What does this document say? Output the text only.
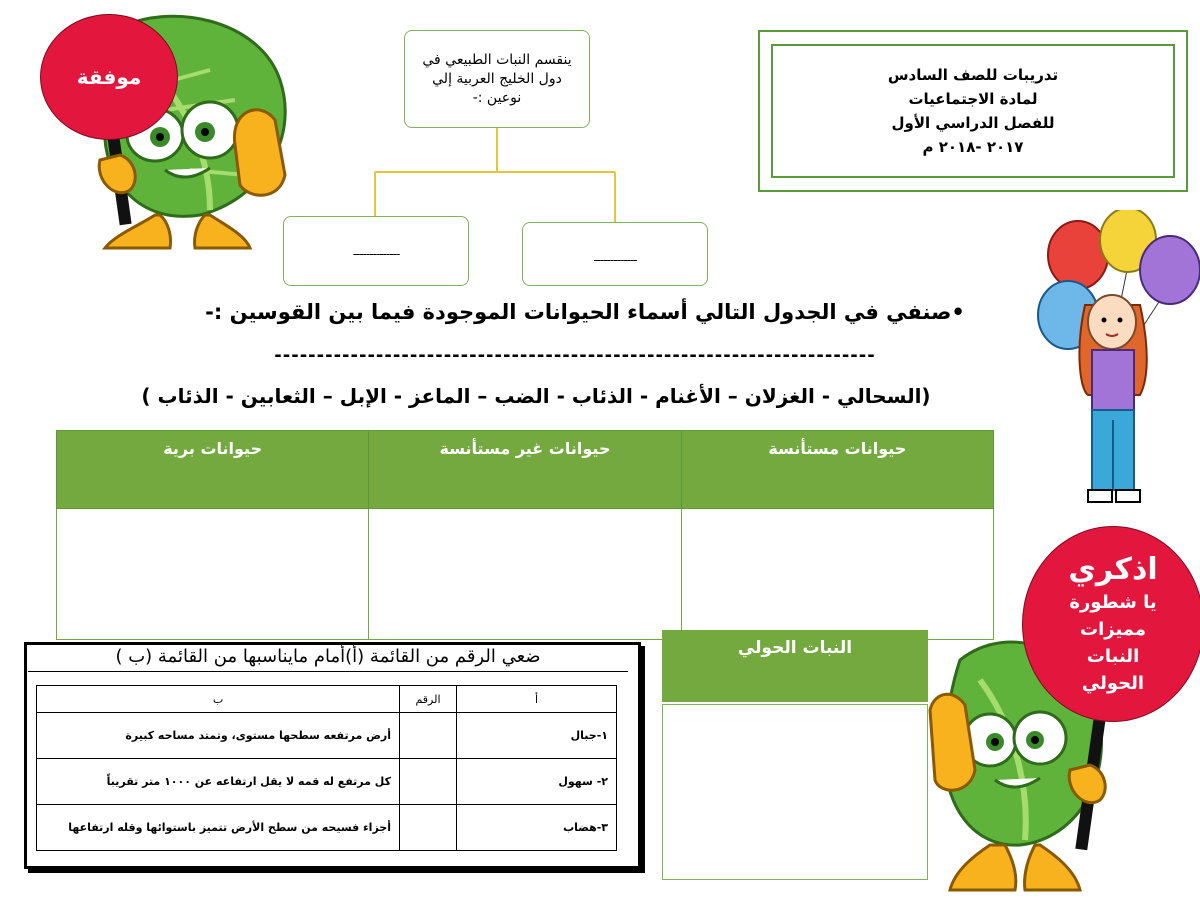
موفقة
ينقسم النبات الطبيعي في دول الخليج العربية إلي نوعين :-
--------------	-------------
تدريبات للصف السادس
لمادة الاجتماعيات
للفصل الدراسي الأول
٢٠١٧ -٢٠١٨ م
•صنفي في الجدول التالي أسماء الحيوانات الموجودة فيما بين القوسين :-
-----------------------------------------------------------------------
(السحالي - الغزلان – الأغنام - الذئاب - الضب – الماعز - الإبل – الثعابين - الذئاب )
حيوانات مستأنسة	حيوانات غير مستأنسة	حيوانات برية

ضعي الرقم من القائمة (أ)أمام ماينا‌سبها من القائمة (ب )
أ	الرقم	ب
١-جبال		أرض مرتفعه سطحها مستوى، وتمتد مساحه كبيرة
٢- سهول		كل مرتفع له قمه لا يقل ارتفاعه عن ١٠٠٠ متر تقريباً
٣-هضاب		أجزاء فسيحه من سطح الأرض تتميز باستوائها وقله ارتفاعها
النبات الحولي
اذكري
يا شطورة
مميزات
النبات
الحولي
